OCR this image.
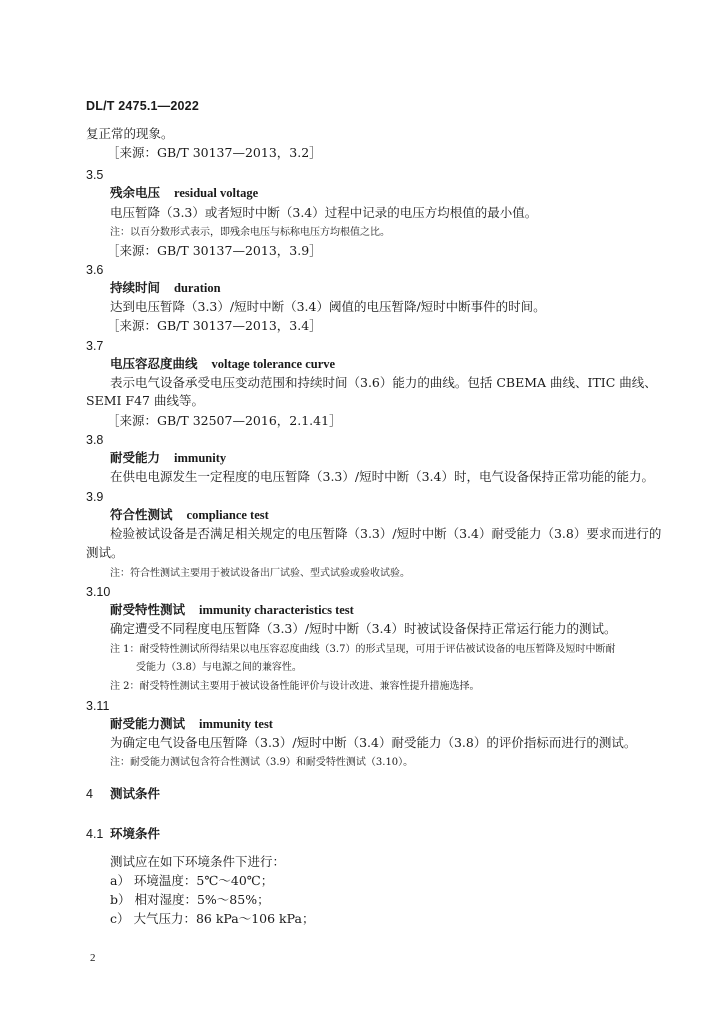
DL/T 2475.1—2022
复正常的现象。
［来源：GB/T 30137—2013，3.2］
3.5
残余电压 residual voltage
电压暂降（3.3）或者短时中断（3.4）过程中记录的电压方均根值的最小值。
注：以百分数形式表示，即残余电压与标称电压方均根值之比。
［来源：GB/T 30137—2013，3.9］
3.6
持续时间 duration
达到电压暂降（3.3）/短时中断（3.4）阈值的电压暂降/短时中断事件的时间。
［来源：GB/T 30137—2013，3.4］
3.7
电压容忍度曲线 voltage tolerance curve
表示电气设备承受电压变动范围和持续时间（3.6）能力的曲线。包括 CBEMA 曲线、ITIC 曲线、
SEMI F47 曲线等。
［来源：GB/T 32507—2016，2.1.41］
3.8
耐受能力 immunity
在供电电源发生一定程度的电压暂降（3.3）/短时中断（3.4）时，电气设备保持正常功能的能力。
3.9
符合性测试 compliance test
检验被试设备是否满足相关规定的电压暂降（3.3）/短时中断（3.4）耐受能力（3.8）要求而进行的
测试。
注：符合性测试主要用于被试设备出厂试验、型式试验或验收试验。
3.10
耐受特性测试 immunity characteristics test
确定遭受不同程度电压暂降（3.3）/短时中断（3.4）时被试设备保持正常运行能力的测试。
注 1：耐受特性测试所得结果以电压容忍度曲线（3.7）的形式呈现，可用于评估被试设备的电压暂降及短时中断耐
受能力（3.8）与电源之间的兼容性。
注 2：耐受特性测试主要用于被试设备性能评价与设计改进、兼容性提升措施选择。
3.11
耐受能力测试 immunity test
为确定电气设备电压暂降（3.3）/短时中断（3.4）耐受能力（3.8）的评价指标而进行的测试。
注：耐受能力测试包含符合性测试（3.9）和耐受特性测试（3.10）。
4 测试条件
4.1 环境条件
测试应在如下环境条件下进行：
a） 环境温度：5℃～40℃；
b） 相对湿度：5%～85%；
c） 大气压力：86 kPa～106 kPa；
2
